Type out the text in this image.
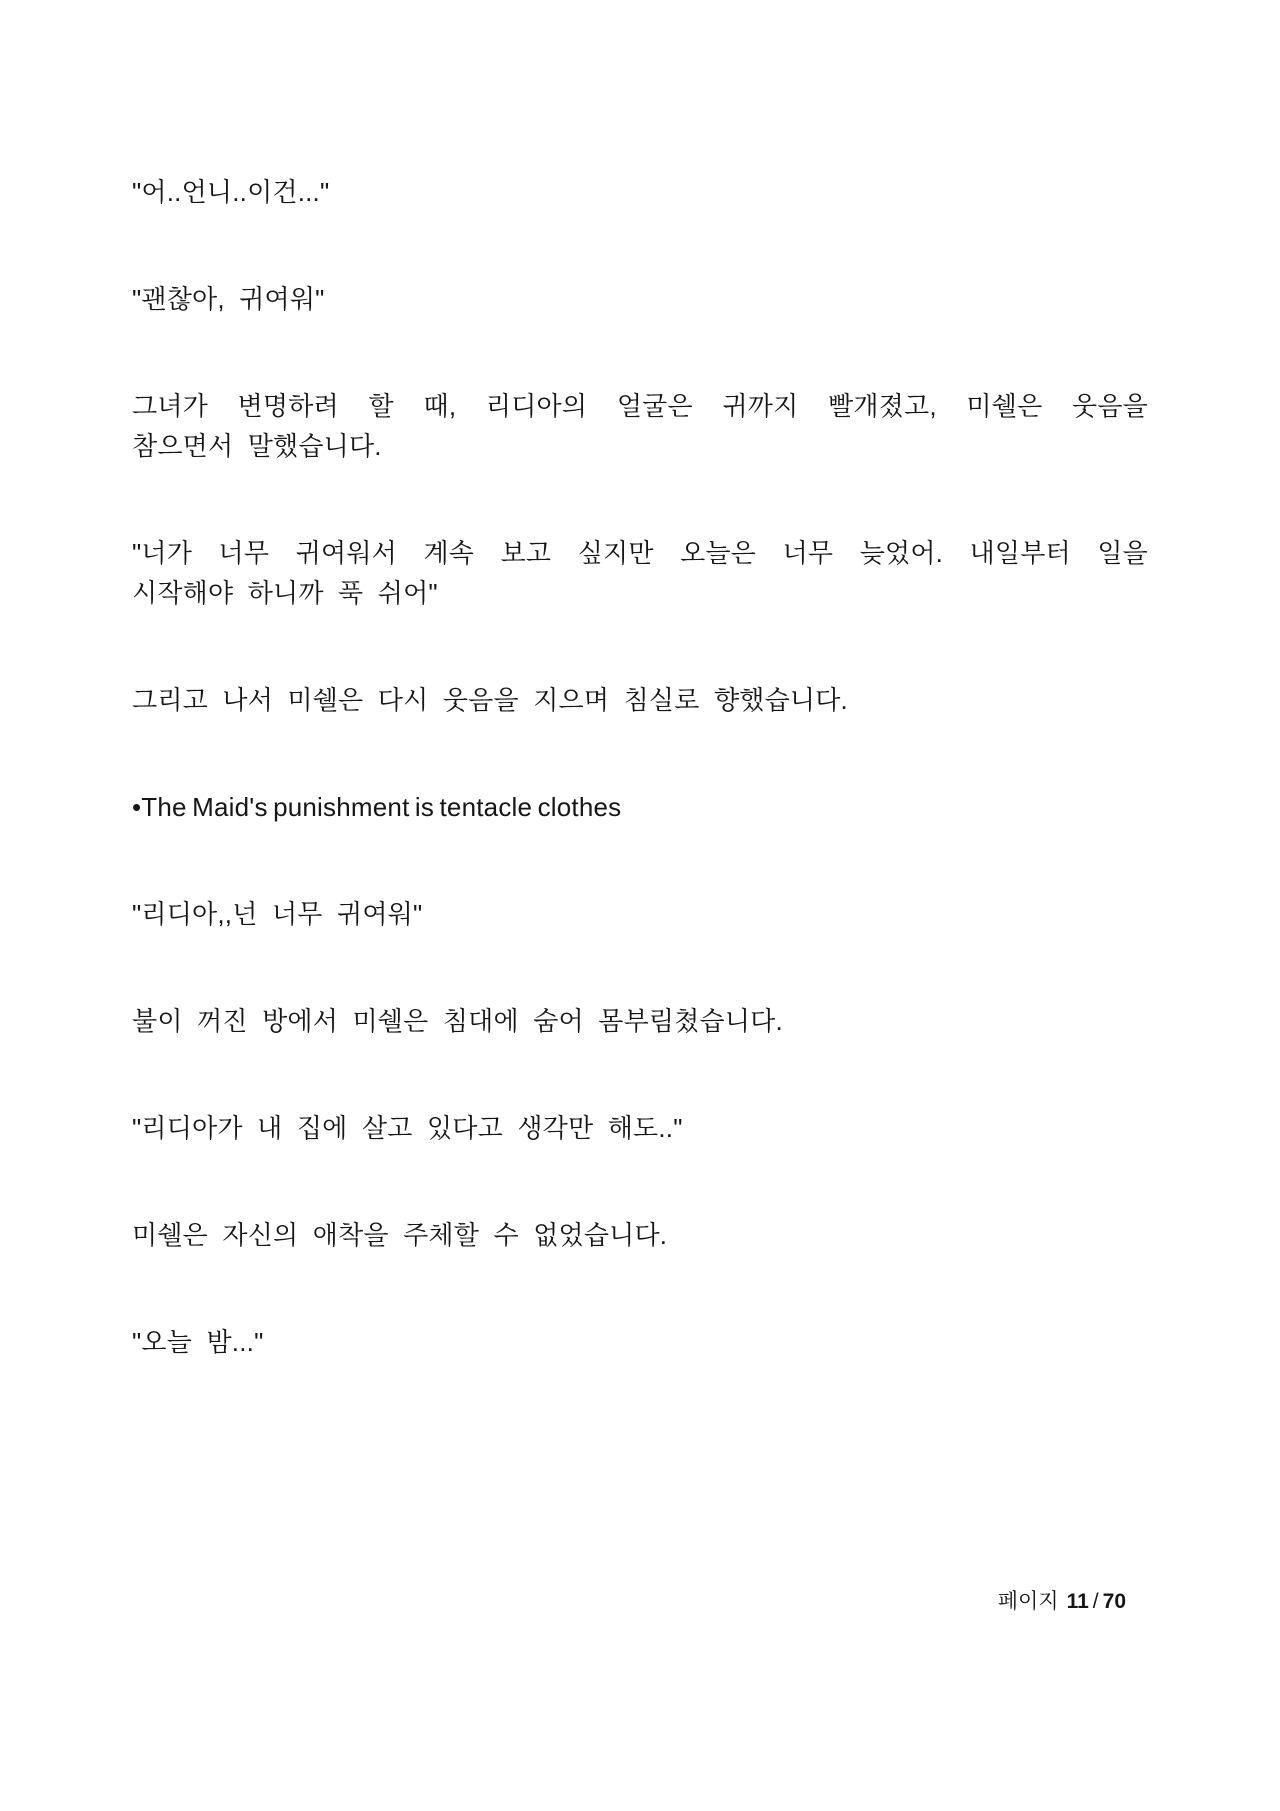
"어..언니..이건..."
"괜찮아, 귀여워"
그녀가 변명하려 할 때, 리디아의 얼굴은 귀까지 빨개졌고, 미쉘은 웃음을
참으면서 말했습니다.
"너가 너무 귀여워서 계속 보고 싶지만 오늘은 너무 늦었어. 내일부터 일을
시작해야 하니까 푹 쉬어"
그리고 나서 미쉘은 다시 웃음을 지으며 침실로 향했습니다.
•The Maid's punishment is tentacle clothes
"리디아,,넌 너무 귀여워"
불이 꺼진 방에서 미쉘은 침대에 숨어 몸부림쳤습니다.
"리디아가 내 집에 살고 있다고 생각만 해도.."
미쉘은 자신의 애착을 주체할 수 없었습니다.
"오늘 밤..."
페이지 11 / 70
